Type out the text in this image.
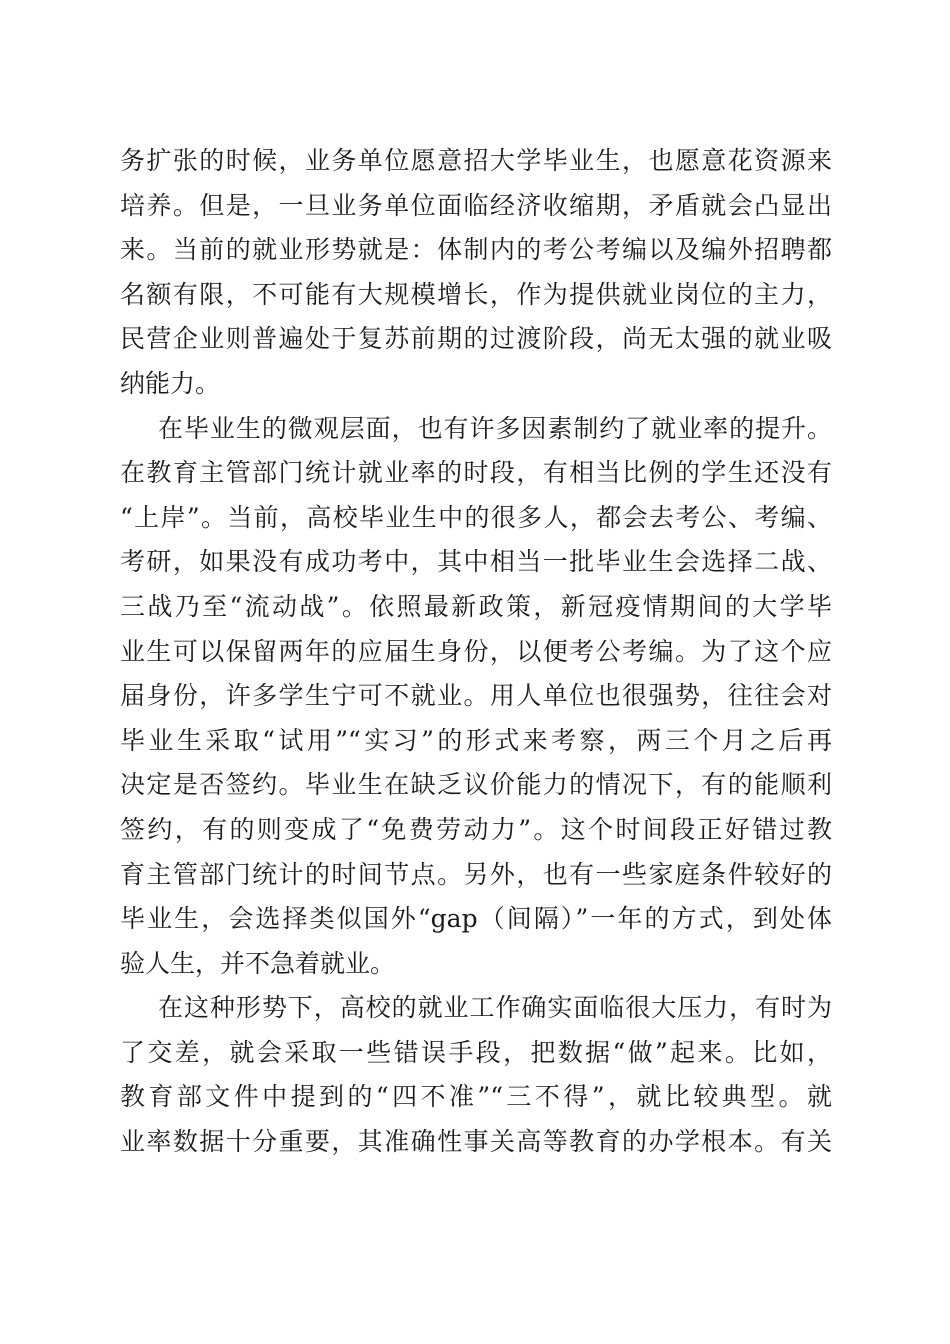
务扩张的时候，业务单位愿意招大学毕业生，也愿意花资源来
培养。但是，一旦业务单位面临经济收缩期，矛盾就会凸显出
来。当前的就业形势就是：体制内的考公考编以及编外招聘都
名额有限，不可能有大规模增长，作为提供就业岗位的主力，
民营企业则普遍处于复苏前期的过渡阶段，尚无太强的就业吸
纳能力。
在毕业生的微观层面，也有许多因素制约了就业率的提升。
在教育主管部门统计就业率的时段，有相当比例的学生还没有
“上岸”。当前，高校毕业生中的很多人，都会去考公、考编、
考研，如果没有成功考中，其中相当一批毕业生会选择二战、
三战乃至“流动战”。依照最新政策，新冠疫情期间的大学毕
业生可以保留两年的应届生身份，以便考公考编。为了这个应
届身份，许多学生宁可不就业。用人单位也很强势，往往会对
毕业生采取“试用”“实习”的形式来考察，两三个月之后再
决定是否签约。毕业生在缺乏议价能力的情况下，有的能顺利
签约，有的则变成了“免费劳动力”。这个时间段正好错过教
育主管部门统计的时间节点。另外，也有一些家庭条件较好的
毕业生，会选择类似国外“gap（间隔）”一年的方式，到处体
验人生，并不急着就业。
在这种形势下，高校的就业工作确实面临很大压力，有时为
了交差，就会采取一些错误手段，把数据“做”起来。比如，
教育部文件中提到的“四不准”“三不得”，就比较典型。就
业率数据十分重要，其准确性事关高等教育的办学根本。有关
